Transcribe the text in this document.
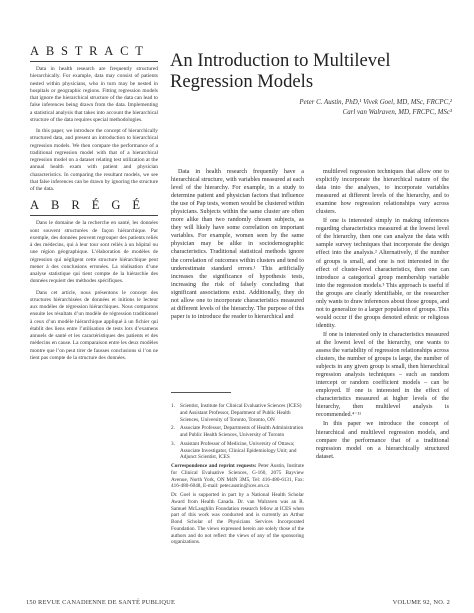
ABSTRACT

Data in health research are frequently structured hierarchically. For example, data may consist of patients nested within physicians, who in turn may be nested in hospitals or geographic regions. Fitting regression models that ignore the hierarchical structure of the data can lead to false inferences being drawn from the data. Implementing a statistical analysis that takes into account the hierarchical structure of the data requires special methodologies.

In this paper, we introduce the concept of hierarchically structured data, and present an introduction to hierarchical regression models. We then compare the performance of a traditional regression model with that of a hierarchical regression model on a dataset relating test utilization at the annual health exam with patient and physician characteristics. In comparing the resultant models, we see that false inferences can be drawn by ignoring the structure of the data.

ABRÉGÉ

Dans le domaine de la recherche en santé, les données sont souvent structurées de façon hiérarchique. Par exemple, des données peuvent regrouper des patients reliés à des médecins, qui à leur tour sont reliés à un hôpital ou une région géographique. L’élaboration de modèles de régression qui négligent cette structure hiérarchique peut mener à des conclusions erronées. La réalisation d’une analyse statistique qui tient compte de la hiérarchie des données requiert des méthodes spécifiques.

Dans cet article, nous présentons le concept des structures hiérarchisées de données et initions le lecteur aux modèles de régression hiérarchiques. Nous comparons ensuite les résultats d’un modèle de régression traditionnel à ceux d’un modèle hiérarchique appliqué à un fichier qui établit des liens entre l’utilisation de tests lors d’examens annuels de santé et les caractéristiques des patients et des médecins en cause. La comparaison entre les deux modèles montre que l’on peut tirer de fausses conclusions si l’on ne tient pas compte de la structure des données.

An Introduction to Multilevel Regression Models
Peter C. Austin, PhD,¹ Vivek Goel, MD, MSc, FRCPC,²
Carl van Walraven, MD, FRCPC, MSc³

Data in health research frequently have a hierarchical structure, with variables measured at each level of the hierarchy. For example, in a study to determine patient and physician factors that influence the use of Pap tests, women would be clustered within physicians. Subjects within the same cluster are often more alike than two randomly chosen subjects, as they will likely have some correlation on important variables. For example, women seen by the same physician may be alike in sociodemographic characteristics. Traditional statistical methods ignore the correlation of outcomes within clusters and tend to underestimate standard errors.¹ This artificially increases the significance of hypothesis tests, increasing the risk of falsely concluding that significant associations exist. Additionally, they do not allow one to incorporate characteristics measured at different levels of the hierarchy. The purpose of this paper is to introduce the reader to hierarchical and

1. Scientist, Institute for Clinical Evaluative Sciences (ICES) and Assistant Professor, Department of Public Health Sciences, University of Toronto, Toronto, ON
2. Associate Professor, Departments of Health Administration and Public Health Sciences, University of Toronto
3. Assistant Professor of Medicine, University of Ottawa; Associate Investigator, Clinical Epidemiology Unit; and Adjunct Scientist, ICES
Correspondence and reprint requests: Peter Austin, Institute for Clinical Evaluative Sciences, G-160, 2075 Bayview Avenue, North York, ON M4N 3M5, Tel: 416-480-6131, Fax: 416-480-6048, E-mail: peter.austin@ices.on.ca
Dr. Goel is supported in part by a National Health Scholar Award from Health Canada. Dr. van Walraven was an R. Samuel McLaughlin Foundation research fellow at ICES when part of this work was conducted and is currently an Arthur Bond Scholar of the Physicians Services Incorporated Foundation. The views expressed herein are solely those of the authors and do not reflect the views of any of the sponsoring organizations.

multilevel regression techniques that allow one to explicitly incorporate the hierarchical nature of the data into the analyses, to incorporate variables measured at different levels of the hierarchy, and to examine how regression relationships vary across clusters.

If one is interested simply in making inferences regarding characteristics measured at the lowest level of the hierarchy, then one can analyze the data with sample survey techniques that incorporate the design effect into the analysis.² Alternatively, if the number of groups is small, and one is not interested in the effect of cluster-level characteristics, then one can introduce a categorical group membership variable into the regression models.³ This approach is useful if the groups are clearly identifiable, or the researcher only wants to draw inferences about those groups, and not to generalize to a larger population of groups. This would occur if the groups denoted ethnic or religious identity.

If one is interested only in characteristics measured at the lowest level of the hierarchy, one wants to assess the variability of regression relationships across clusters, the number of groups is large, the number of subjects in any given group is small, then hierarchical regression analysis techniques – such as random intercept or random coefficient models – can be employed. If one is interested in the effect of characteristics measured at higher levels of the hierarchy, then multilevel analysis is recommended.⁴⁻¹¹

In this paper we introduce the concept of hierarchical and multilevel regression models, and compare the performance that of a traditional regression model on a hierarchically structured dataset.

150 REVUE CANADIENNE DE SANTÉ PUBLIQUE	VOLUME 92, NO. 2
